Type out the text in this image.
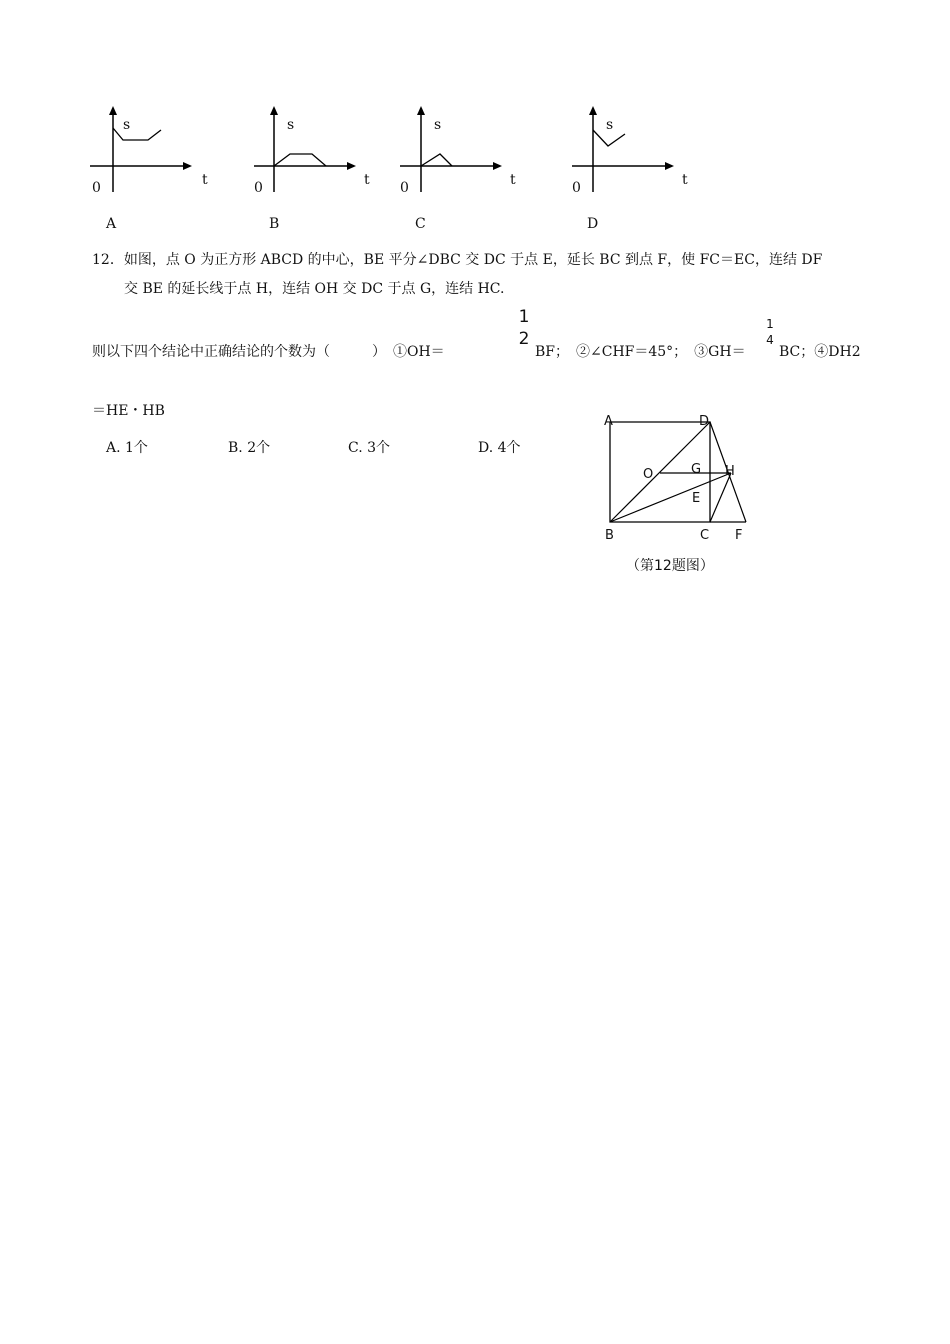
s
t
0
s
t
0
s
t
0
s
t
0
A	B	C	D
12．如图，点 O 为正方形 ABCD 的中心，BE 平分∠DBC 交 DC 于点 E，延长 BC 到点 F，使 FC＝EC，连结 DF
交 BE 的延长线于点 H，连结 OH 交 DC 于点 G，连结 HC.
则以下四个结论中正确结论的个数为（　　　）　①OH＝
1
2
BF；　②∠CHF＝45°；　③GH＝
1
4
BC；④DH2
＝HE・HB
A. 1个	B. 2个	C. 3个	D. 4个
A	D
O	G H
E
B	C F
（第12题图）
